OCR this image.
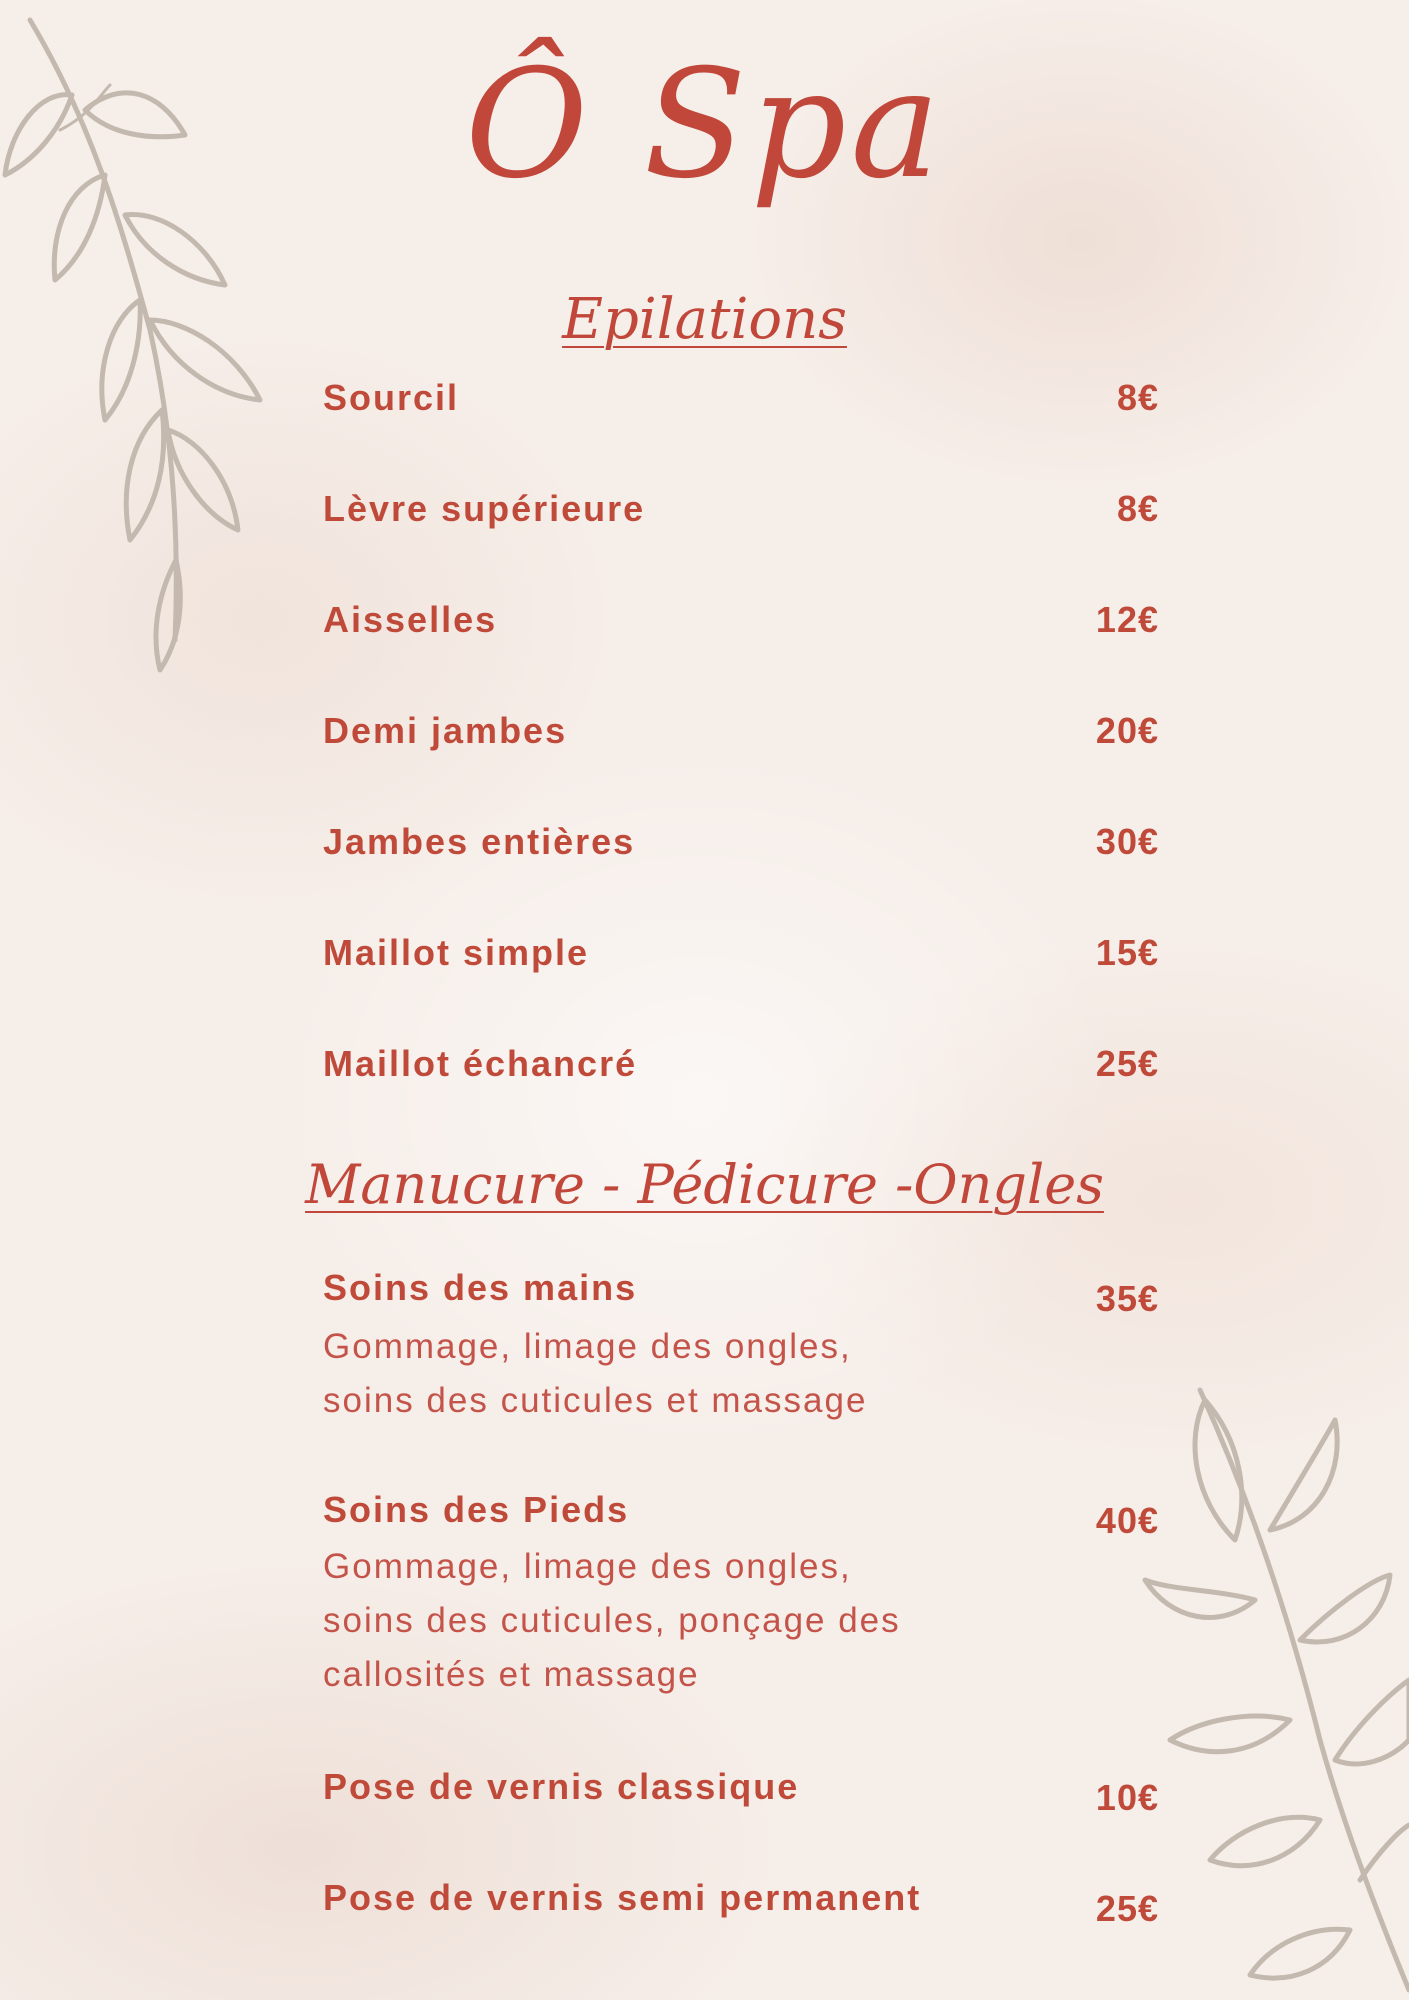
Ô Spa
Epilations

Sourcil	8€

Lèvre supérieure	8€

Aisselles	12€

Demi jambes	20€

Jambes entières	30€

Maillot simple	15€

Maillot échancré	25€

Manucure - Pédicure -Ongles

Soins des mains	35€

Gommage, limage des ongles,
soins des cuticules et massage

Soins des Pieds	40€

Gommage, limage des ongles,
soins des cuticules, ponçage des
callosités et massage

Pose de vernis classique	10€

Pose de vernis semi permanent	25€
